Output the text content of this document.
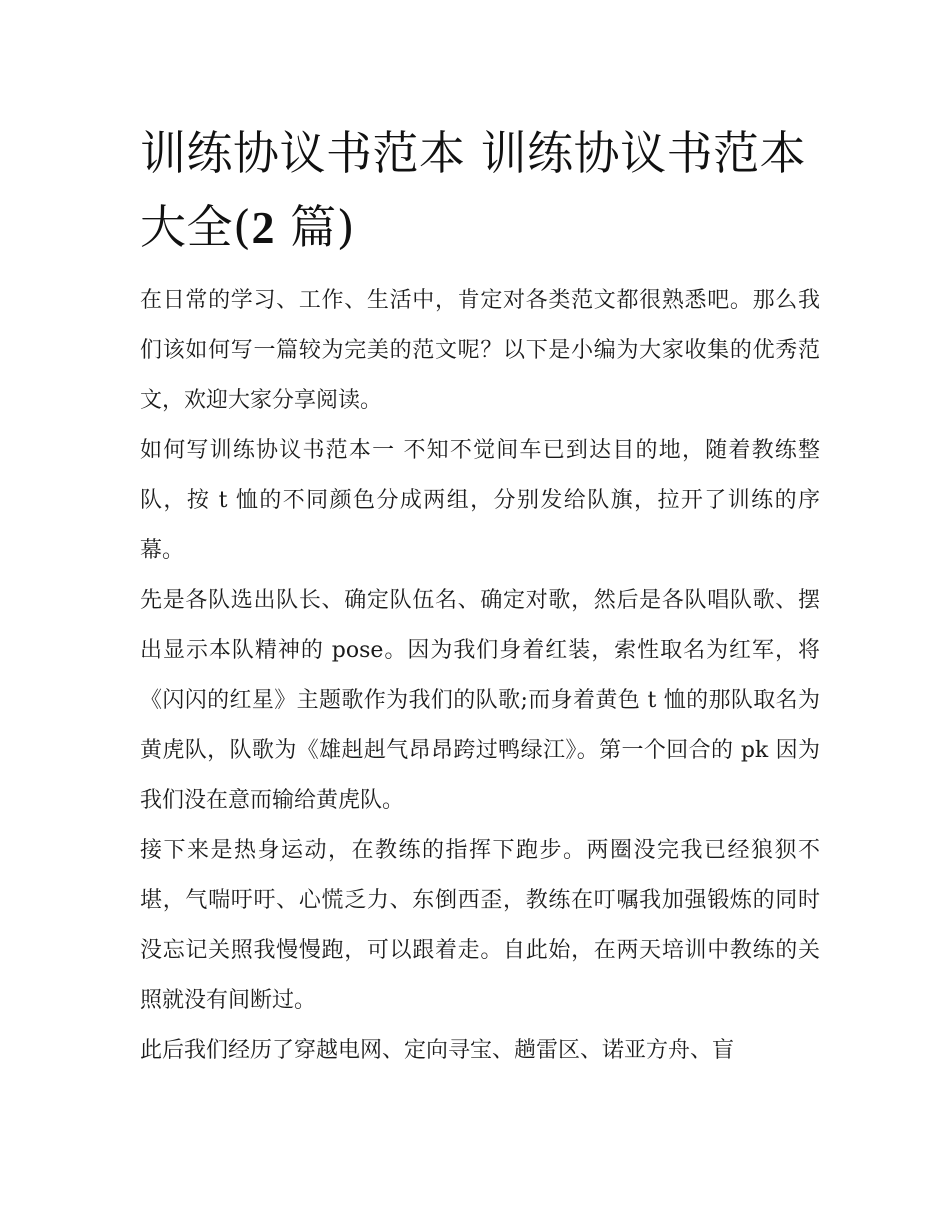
训练协议书范本 训练协议书范本大全(2 篇)

在日常的学习、工作、生活中，肯定对各类范文都很熟悉吧。那么我们该如何写一篇较为完美的范文呢？以下是小编为大家收集的优秀范文，欢迎大家分享阅读。

如何写训练协议书范本一 不知不觉间车已到达目的地，随着教练整队，按 t 恤的不同颜色分成两组，分别发给队旗，拉开了训练的序幕。

先是各队选出队长、确定队伍名、确定对歌，然后是各队唱队歌、摆出显示本队精神的 pose。因为我们身着红装，索性取名为红军，将《闪闪的红星》主题歌作为我们的队歌;而身着黄色 t 恤的那队取名为黄虎队，队歌为《雄赳赳气昂昂跨过鸭绿江》。第一个回合的 pk 因为我们没在意而输给黄虎队。

接下来是热身运动，在教练的指挥下跑步。两圈没完我已经狼狈不堪，气喘吁吁、心慌乏力、东倒西歪，教练在叮嘱我加强锻炼的同时没忘记关照我慢慢跑，可以跟着走。自此始，在两天培训中教练的关照就没有间断过。

此后我们经历了穿越电网、定向寻宝、趟雷区、诺亚方舟、盲
